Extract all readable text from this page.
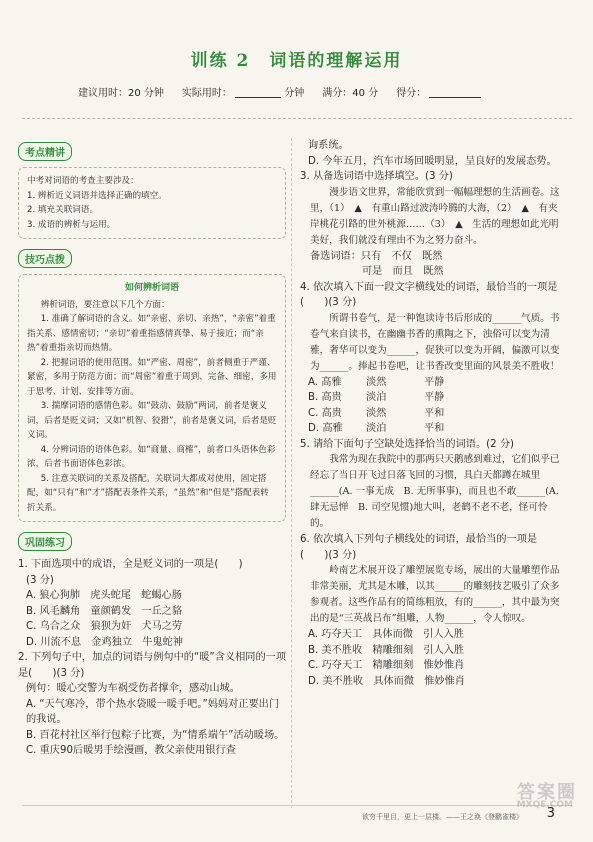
训练 2　词语的理解运用
建议用时：20 分钟 实际用时：	分钟 满分：40 分 得分：
考点精讲
中考对词语的考查主要涉及：
1. 辨析近义词语并选择正确的填空。
2. 填充关联词语。
3. 成语的辨析与运用。
技巧点拨
如何辨析词语
辨析词语，要注意以下几个方面：
1. 准确了解词语的含义。如“亲密、亲切、亲热”，“亲密”着重指关系、感情密切；“亲切”着重指感情真挚、易于接近；而“亲热”着重指亲切而热情。
2. 把握词语的使用范围。如“严密、周密”，前者侧重于严谨、紧密，多用于防范方面；而“周密”着重于周到、完备、细密，多用于思考、计划、安排等方面。
3. 揣摩词语的感情色彩。如“鼓动、鼓励”两词，前者是褒义词，后者是贬义词；又如“机智、狡猾”，前者是褒义词，后者是贬义词。
4. 分辨词语的语体色彩。如“商量、商榷”，前者口头语体色彩浓，后者书面语体色彩浓。
5. 注意关联词的关系及搭配。关联词大都成对使用，固定搭配，如“只有”和“才”搭配表条件关系，“虽然”和“但是”搭配表转折关系。
巩固练习
1. 下面选项中的成语，全是贬义词的一项是(　　)
(3 分)
A. 狼心狗肺　虎头蛇尾　蛇蝎心肠
B. 风毛麟角　童颜鹤发　一丘之貉
C. 乌合之众　狼狈为奸　犬马之劳
D. 川流不息　金鸡独立　牛鬼蛇神
2. 下列句子中，加点的词语与例句中的“暖”含义相同的一项是(　　)(3 分)
例句：暖心交警为车祸受伤者撑伞，感动山城。
A. “天气寒冷，带个热水袋暖一暖手吧。”妈妈对正要出门的我说。
B. 百花村社区举行包粽子比赛，为“情系端午”活动暖场。
C. 重庆90后暖男手绘漫画，教父亲使用银行查
询系统。
D. 今年五月，汽车市场回暖明显，呈良好的发展态势。
3. 从备选词语中选择填空。(3 分)
漫步语文世界，常能欣赏到一幅幅理想的生活画卷。这里，（1）　▲　有重山路过波涛吟腾的大海，（2）　▲　有夹岸桃花引路的世外桃源……（3）　▲　生活的理想如此光明美好，我们就没有理由不为之努力奋斗。
备选词语：只有　不仅　既然
可是　而且　既然
4. 依次填入下面一段文字横线处的词语，最恰当的一项是(　　)(3 分)
所谓书卷气，是一种饱读诗书后形成的______气质。书卷气来自读书，在幽幽书香的熏陶之下，浊俗可以变为清雅，奢华可以变为______，促狭可以变为开阔，偏激可以变为______。捧起书卷吧，让书香改变里面的风景美不胜收！
A. 高雅 淡然	平静
B. 高贵 淡泊	平静
C. 高贵 淡然	平和
D. 高雅 淡泊	平和
5. 请给下面句子空缺处选择恰当的词语。(2 分)
我常为现在我院中的那两只天鹅感到难过，它们似乎已经忘了当日开飞过日落飞回的习惯，具白天都蹲在城里______(A. 一事无成　B. 无所事事)，而且也不敢______(A. 肆无忌惮　B. 司空见惯)地大叫，老鹤不老不老，怪可怜的。
6. 依次填入下列句子横线处的词语，最恰当的一项是(　　)(3 分)
岭南艺术展开设了雕塑展览专场，展出的大量雕塑作品非常美丽，尤其是木雕，以其______的雕刻技艺吸引了众多参观者。这些作品有的简练粗放，有的______，其中最为突出的是“三英战吕布”组雕，人物______，令人惊叹。
A. 巧夺天工　具体而微　引人入胜
B. 美不胜收　精雕细刻　引人入胜
C. 巧夺天工　精雕细刻　惟妙惟肖
D. 美不胜收　具体而微　惟妙惟肖
欲穷千里目，更上一层楼。——王之涣《登鹳雀楼》 3
答案圈
MXQE.COM
